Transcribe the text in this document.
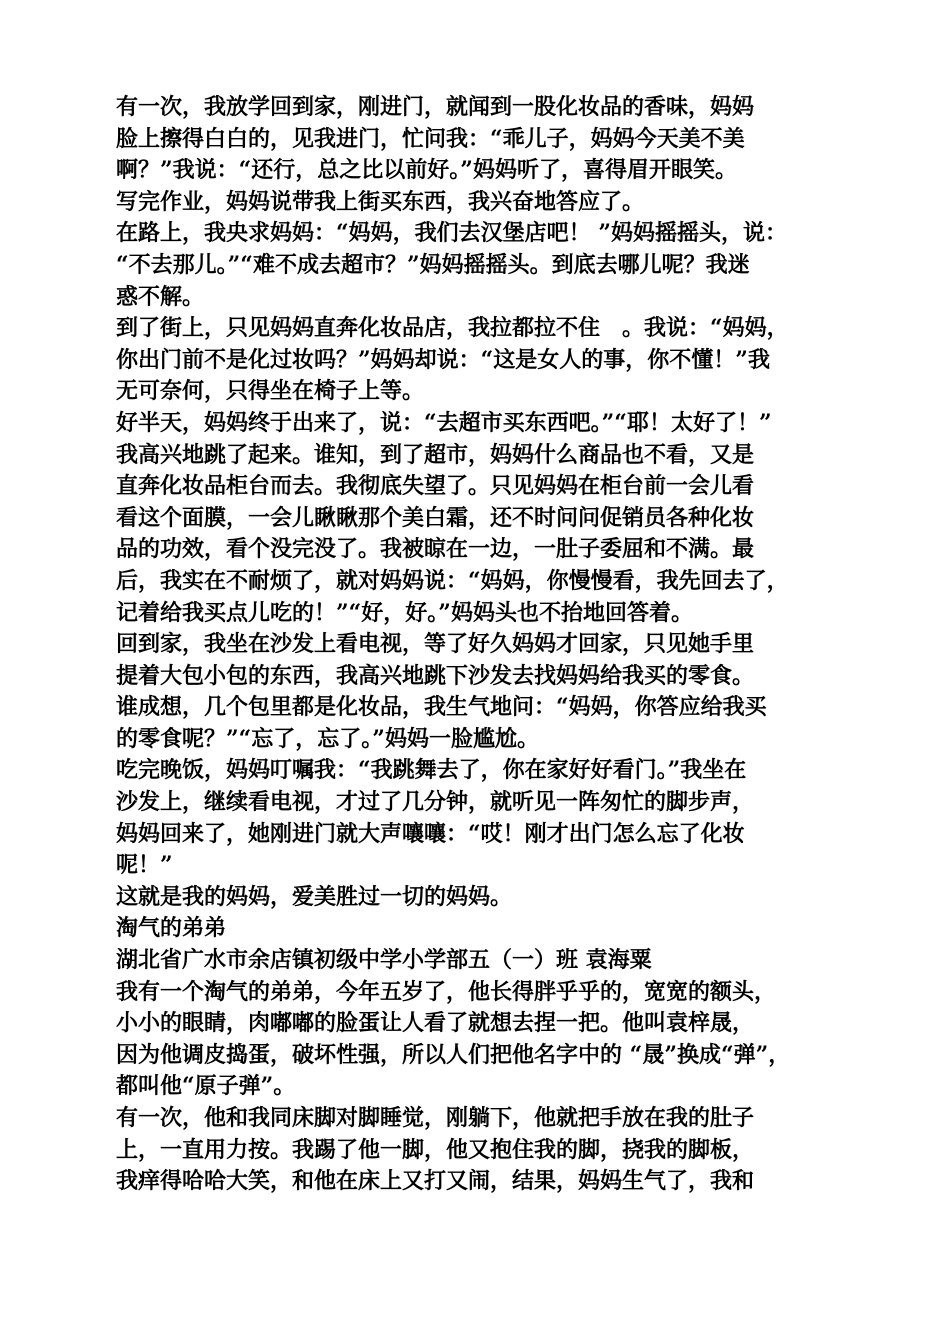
有一次，我放学回到家，刚进门，就闻到一股化妆品的香味，妈妈
脸上擦得白白的，见我进门，忙问我：“乖儿子，妈妈今天美不美
啊？”我说：“还行，总之比以前好。”妈妈听了，喜得眉开眼笑。
写完作业，妈妈说带我上街买东西，我兴奋地答应了。
在路上，我央求妈妈：“妈妈，我们去汉堡店吧！ ”妈妈摇摇头，说：
“不去那儿。”“难不成去超市？”妈妈摇摇头。到底去哪儿呢？我迷
惑不解。
到了街上，只见妈妈直奔化妆品店，我拉都拉不住　。我说：“妈妈，
你出门前不是化过妆吗？”妈妈却说：“这是女人的事，你不懂！”我
无可奈何，只得坐在椅子上等。
好半天，妈妈终于出来了，说：“去超市买东西吧。”“耶！太好了！”
我高兴地跳了起来。谁知，到了超市，妈妈什么商品也不看，又是
直奔化妆品柜台而去。我彻底失望了。只见妈妈在柜台前一会儿看
看这个面膜，一会儿瞅瞅那个美白霜，还不时问问促销员各种化妆
品的功效，看个没完没了。我被晾在一边，一肚子委屈和不满。最
后，我实在不耐烦了，就对妈妈说：“妈妈，你慢慢看，我先回去了，
记着给我买点儿吃的！”“好，好。”妈妈头也不抬地回答着。
回到家，我坐在沙发上看电视，等了好久妈妈才回家，只见她手里
提着大包小包的东西，我高兴地跳下沙发去找妈妈给我买的零食。
谁成想，几个包里都是化妆品，我生气地问：“妈妈，你答应给我买
的零食呢？”“忘了，忘了。”妈妈一脸尴尬。
吃完晚饭，妈妈叮嘱我：“我跳舞去了，你在家好好看门。”我坐在
沙发上，继续看电视，才过了几分钟，就听见一阵匆忙的脚步声，
妈妈回来了，她刚进门就大声嚷嚷：“哎！刚才出门怎么忘了化妆
呢！”
这就是我的妈妈，爱美胜过一切的妈妈。
淘气的弟弟
湖北省广水市余店镇初级中学小学部五（一）班 袁海粟
我有一个淘气的弟弟，今年五岁了，他长得胖乎乎的，宽宽的额头，
小小的眼睛，肉嘟嘟的脸蛋让人看了就想去捏一把。他叫袁梓晟，
因为他调皮捣蛋，破坏性强，所以人们把他名字中的 “晟”换成“弹”，
都叫他“原子弹”。
有一次，他和我同床脚对脚睡觉，刚躺下，他就把手放在我的肚子
上，一直用力按。我踢了他一脚，他又抱住我的脚，挠我的脚板，
我痒得哈哈大笑，和他在床上又打又闹，结果，妈妈生气了，我和
